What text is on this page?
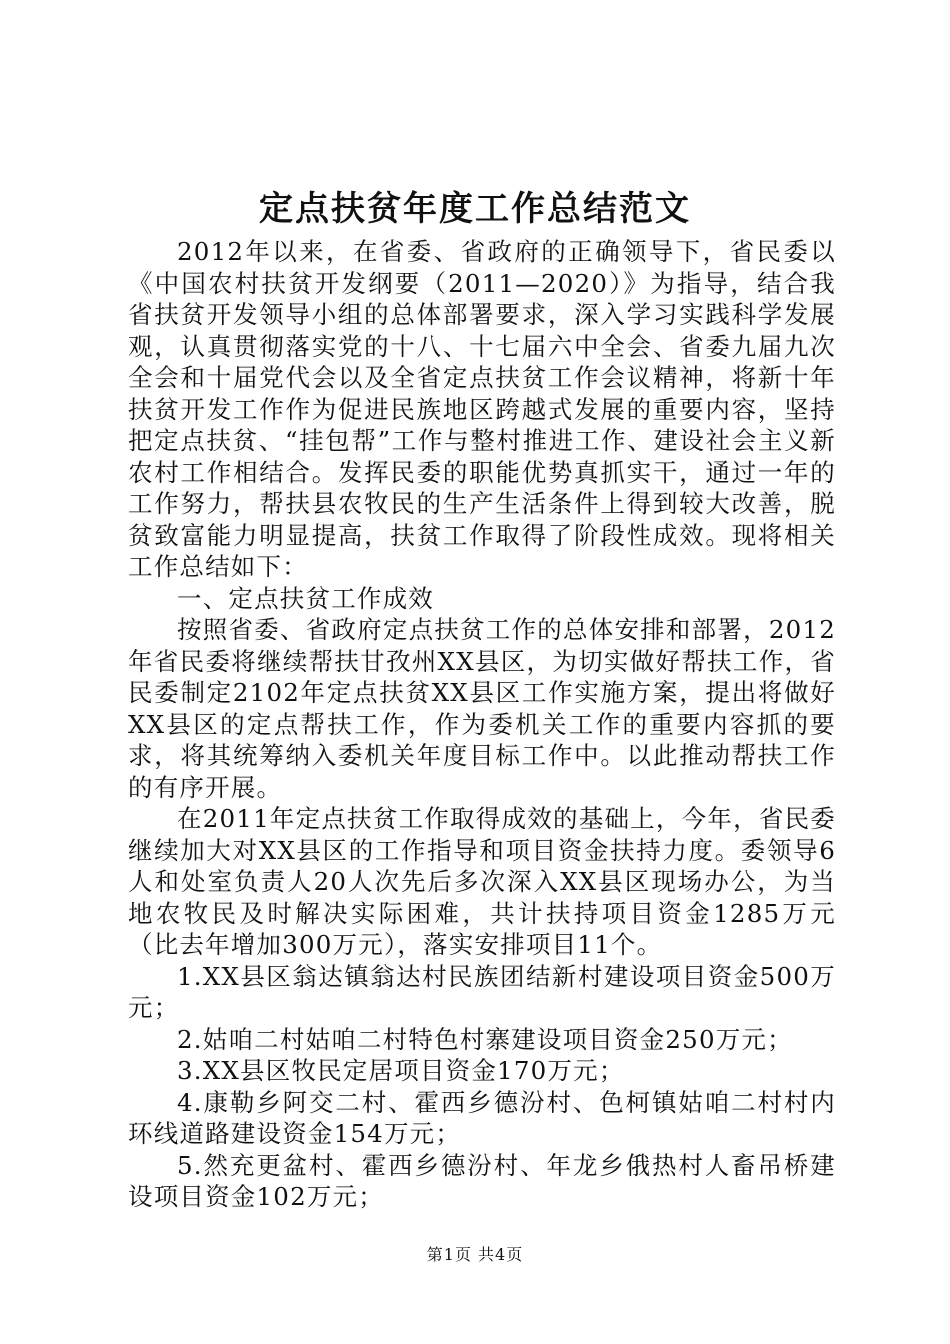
定点扶贫年度工作总结范文

2012年以来，在省委、省政府的正确领导下，省民委以《中国农村扶贫开发纲要（2011—2020）》为指导，结合我省扶贫开发领导小组的总体部署要求，深入学习实践科学发展观，认真贯彻落实党的十八、十七届六中全会、省委九届九次全会和十届党代会以及全省定点扶贫工作会议精神，将新十年扶贫开发工作作为促进民族地区跨越式发展的重要内容，坚持把定点扶贫、“挂包帮”工作与整村推进工作、建设社会主义新农村工作相结合。发挥民委的职能优势真抓实干，通过一年的工作努力，帮扶县农牧民的生产生活条件上得到较大改善，脱贫致富能力明显提高，扶贫工作取得了阶段性成效。现将相关工作总结如下：

一、定点扶贫工作成效

按照省委、省政府定点扶贫工作的总体安排和部署，2012年省民委将继续帮扶甘孜州XX县区，为切实做好帮扶工作，省民委制定2102年定点扶贫XX县区工作实施方案，提出将做好XX县区的定点帮扶工作，作为委机关工作的重要内容抓的要求，将其统筹纳入委机关年度目标工作中。以此推动帮扶工作的有序开展。

在2011年定点扶贫工作取得成效的基础上，今年，省民委继续加大对XX县区的工作指导和项目资金扶持力度。委领导6人和处室负责人20人次先后多次深入XX县区现场办公，为当地农牧民及时解决实际困难，共计扶持项目资金1285万元（比去年增加300万元），落实安排项目11个。

1.XX县区翁达镇翁达村民族团结新村建设项目资金500万元；

2.姑咱二村姑咱二村特色村寨建设项目资金250万元；

3.XX县区牧民定居项目资金170万元；

4.康勒乡阿交二村、霍西乡德汾村、色柯镇姑咱二村村内环线道路建设资金154万元；

5.然充更盆村、霍西乡德汾村、年龙乡俄热村人畜吊桥建设项目资金102万元；

第1页 共4页
